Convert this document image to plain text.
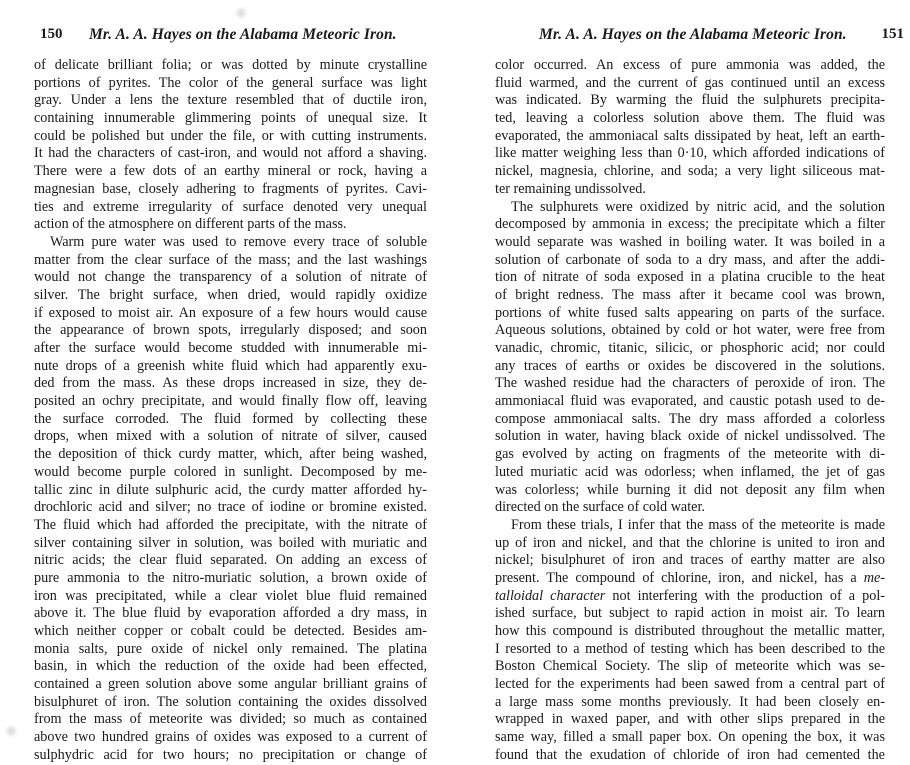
150 Mr. A. A. Hayes on the Alabama Meteoric Iron.
of delicate brilliant folia; or was dotted by minute crystalline
portions of pyrites. The color of the general surface was light
gray. Under a lens the texture resembled that of ductile iron,
containing innumerable glimmering points of unequal size. It
could be polished but under the file, or with cutting instruments.
It had the characters of cast-iron, and would not afford a shaving.
There were a few dots of an earthy mineral or rock, having a
magnesian base, closely adhering to fragments of pyrites. Cavi-
ties and extreme irregularity of surface denoted very unequal
action of the atmosphere on different parts of the mass.
Warm pure water was used to remove every trace of soluble
matter from the clear surface of the mass; and the last washings
would not change the transparency of a solution of nitrate of
silver. The bright surface, when dried, would rapidly oxidize
if exposed to moist air. An exposure of a few hours would cause
the appearance of brown spots, irregularly disposed; and soon
after the surface would become studded with innumerable mi-
nute drops of a greenish white fluid which had apparently exu-
ded from the mass. As these drops increased in size, they de-
posited an ochry precipitate, and would finally flow off, leaving
the surface corroded. The fluid formed by collecting these
drops, when mixed with a solution of nitrate of silver, caused
the deposition of thick curdy matter, which, after being washed,
would become purple colored in sunlight. Decomposed by me-
tallic zinc in dilute sulphuric acid, the curdy matter afforded hy-
drochloric acid and silver; no trace of iodine or bromine existed.
The fluid which had afforded the precipitate, with the nitrate of
silver containing silver in solution, was boiled with muriatic and
nitric acids; the clear fluid separated. On adding an excess of
pure ammonia to the nitro-muriatic solution, a brown oxide of
iron was precipitated, while a clear violet blue fluid remained
above it. The blue fluid by evaporation afforded a dry mass, in
which neither copper or cobalt could be detected. Besides am-
monia salts, pure oxide of nickel only remained. The platina
basin, in which the reduction of the oxide had been effected,
contained a green solution above some angular brilliant grains of
bisulphuret of iron. The solution containing the oxides dissolved
from the mass of meteorite was divided; so much as contained
above two hundred grains of oxides was exposed to a current of
sulphydric acid for two hours; no precipitation or change of
Mr. A. A. Hayes on the Alabama Meteoric Iron. 151
color occurred. An excess of pure ammonia was added, the
fluid warmed, and the current of gas continued until an excess
was indicated. By warming the fluid the sulphurets precipita-
ted, leaving a colorless solution above them. The fluid was
evaporated, the ammoniacal salts dissipated by heat, left an earth-
like matter weighing less than 0·10, which afforded indications of
nickel, magnesia, chlorine, and soda; a very light siliceous mat-
ter remaining undissolved.
The sulphurets were oxidized by nitric acid, and the solution
decomposed by ammonia in excess; the precipitate which a filter
would separate was washed in boiling water. It was boiled in a
solution of carbonate of soda to a dry mass, and after the addi-
tion of nitrate of soda exposed in a platina crucible to the heat
of bright redness. The mass after it became cool was brown,
portions of white fused salts appearing on parts of the surface.
Aqueous solutions, obtained by cold or hot water, were free from
vanadic, chromic, titanic, silicic, or phosphoric acid; nor could
any traces of earths or oxides be discovered in the solutions.
The washed residue had the characters of peroxide of iron. The
ammoniacal fluid was evaporated, and caustic potash used to de-
compose ammoniacal salts. The dry mass afforded a colorless
solution in water, having black oxide of nickel undissolved. The
gas evolved by acting on fragments of the meteorite with di-
luted muriatic acid was odorless; when inflamed, the jet of gas
was colorless; while burning it did not deposit any film when
directed on the surface of cold water.
From these trials, I infer that the mass of the meteorite is made
up of iron and nickel, and that the chlorine is united to iron and
nickel; bisulphuret of iron and traces of earthy matter are also
present. The compound of chlorine, iron, and nickel, has a me-
talloidal character not interfering with the production of a pol-
ished surface, but subject to rapid action in moist air. To learn
how this compound is distributed throughout the metallic matter,
I resorted to a method of testing which has been described to the
Boston Chemical Society. The slip of meteorite which was se-
lected for the experiments had been sawed from a central part of
a large mass some months previously. It had been closely en-
wrapped in waxed paper, and with other slips prepared in the
same way, filled a small paper box. On opening the box, it was
found that the exudation of chloride of iron had cemented the
